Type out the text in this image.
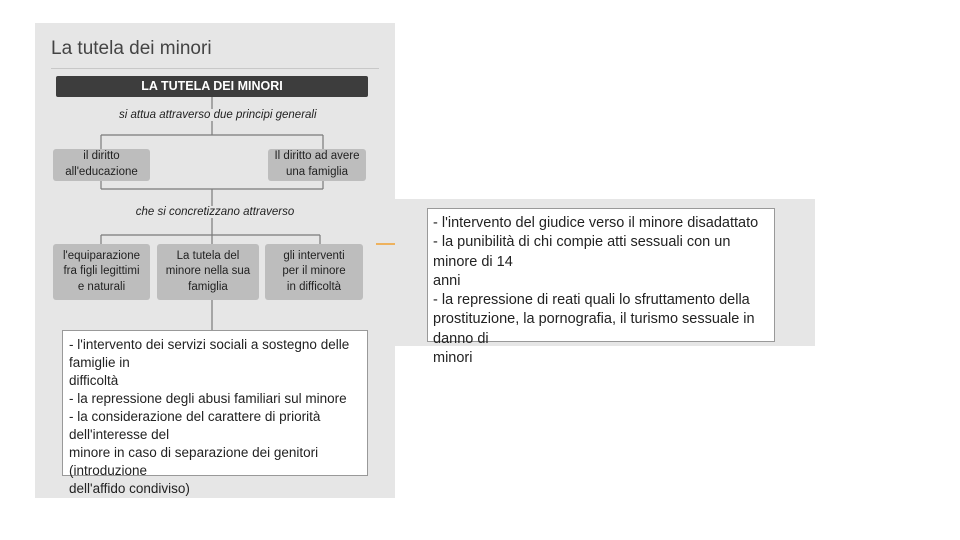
La tutela dei minori
LA TUTELA DEI MINORI
si attua attraverso due principi generali
il diritto
all'educazione
Il diritto ad avere
una famiglia
che si concretizzano attraverso
l'equiparazione
fra figli legittimi
e naturali
La tutela del
minore nella sua
famiglia
gli interventi
per il minore
in difficoltà
- l'intervento dei servizi sociali a sostegno delle famiglie in
difficoltà
- la repressione degli abusi familiari sul minore
- la considerazione del carattere di priorità dell'interesse del
minore in caso di separazione dei genitori (introduzione
dell'affido condiviso)
- l'intervento del giudice verso il minore disadattato
- la punibilità di chi compie atti sessuali con un minore di 14
anni
- la repressione di reati quali lo sfruttamento della
prostituzione, la pornografia, il turismo sessuale in danno di
minori
